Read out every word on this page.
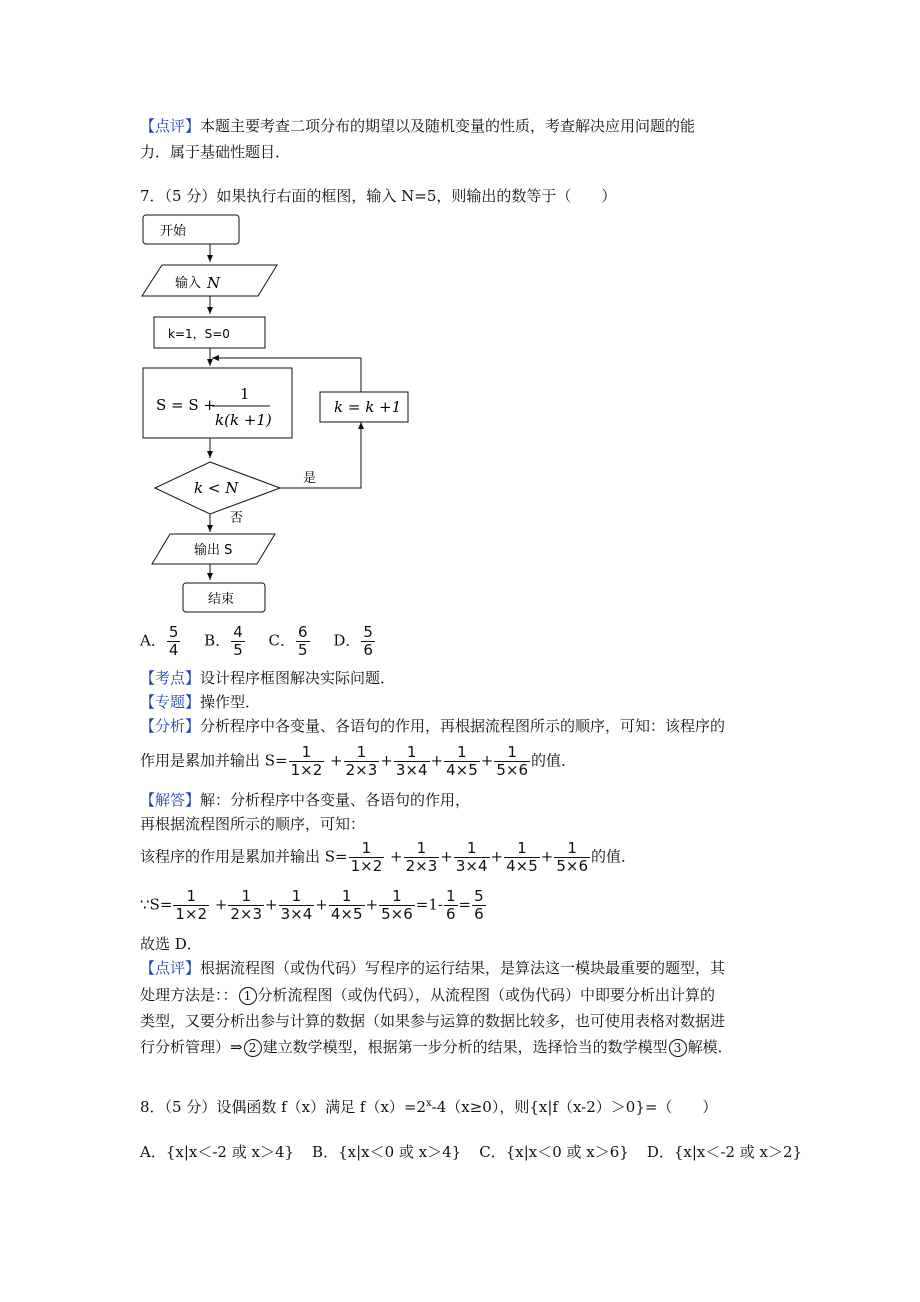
【点评】本题主要考查二项分布的期望以及随机变量的性质，考查解决应用问题的能
力．属于基础性题目．
7．（5 分）如果执行右面的框图，输入 N=5，则输出的数等于（　　）
开始
输入 N
k=1，S=0
S = S +
1
k(k +1)
k < N
是
k = k +1
否
输出 S
结束
A． $\frac{5}{4}$ B． $\frac{4}{5}$ C． $\frac{6}{5}$ D． $\frac{5}{6}$
【考点】设计程序框图解决实际问题．
【专题】操作型．
【分析】分析程序中各变量、各语句的作用，再根据流程图所示的顺序，可知：该程序的
作用是累加并输出 $S= \frac{1}{1\times 2} + \frac{1}{2\times 3} + \frac{1}{3\times 4} + \frac{1}{4\times 5} + \frac{1}{5\times 6}$ 的值．
【解答】解：分析程序中各变量、各语句的作用，
再根据流程图所示的顺序，可知：
该程序的作用是累加并输出 $S= \frac{1}{1\times 2} + \frac{1}{2\times 3} + \frac{1}{3\times 4} + \frac{1}{4\times 5} + \frac{1}{5\times 6}$ 的值．
∵S= $\frac{1}{1\times 2} + \frac{1}{2\times 3} + \frac{1}{3\times 4} + \frac{1}{4\times 5} + \frac{1}{5\times 6} =1- \frac{1}{6} = \frac{5}{6}$
故选 D．
【点评】根据流程图（或伪代码）写程序的运行结果，是算法这一模块最重要的题型，其
处理方法是：： 1 分析流程图（或伪代码），从流程图（或伪代码）中即要分析出计算的
类型，又要分析出参与计算的数据（如果参与运算的数据比较多，也可使用表格对数据进
行分析管理）⇒ 2 建立数学模型，根据第一步分析的结果，选择恰当的数学模型 3 解模．
8．（5 分）设偶函数 f（x）满足 $f(x)=2^x-4(x\ge 0)$，则{x|f（x-2）＞0}=（　　）
A．{x|x＜-2 或 x＞4} B．{x|x＜0 或 x＞4} C．{x|x＜0 或 x＞6} D．{x|x＜-2 或 x＞2}
